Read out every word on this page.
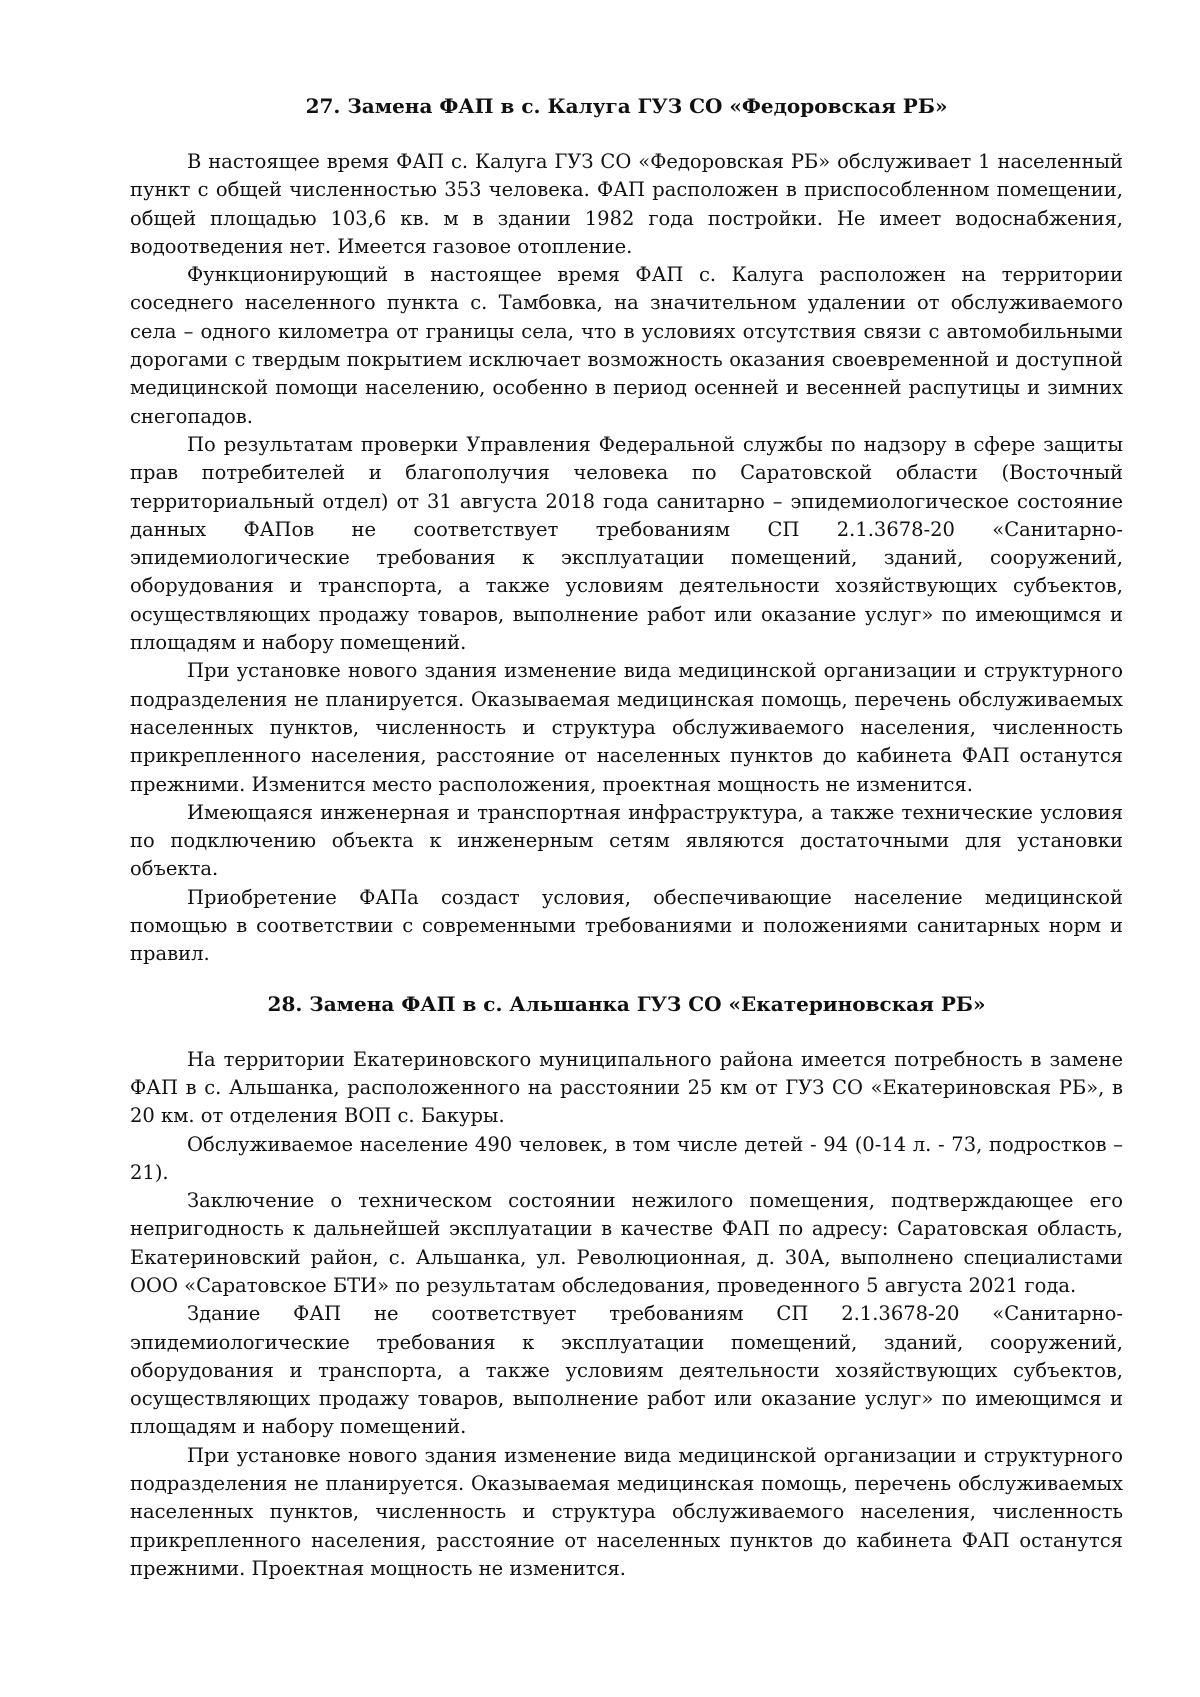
27. Замена ФАП в с. Калуга ГУЗ СО «Федоровская РБ»

В настоящее время ФАП с. Калуга ГУЗ СО «Федоровская РБ» обслуживает 1 населенный пункт с общей численностью 353 человека. ФАП расположен в приспособленном помещении, общей площадью 103,6 кв. м в здании 1982 года постройки. Не имеет водоснабжения, водоотведения нет. Имеется газовое отопление.

Функционирующий в настоящее время ФАП с. Калуга расположен на территории соседнего населенного пункта с. Тамбовка, на значительном удалении от обслуживаемого села – одного километра от границы села, что в условиях отсутствия связи с автомобильными дорогами с твердым покрытием исключает возможность оказания своевременной и доступной медицинской помощи населению, особенно в период осенней и весенней распутицы и зимних снегопадов.

По результатам проверки Управления Федеральной службы по надзору в сфере защиты прав потребителей и благополучия человека по Саратовской области (Восточный территориальный отдел) от 31 августа 2018 года санитарно – эпидемиологическое состояние данных ФАПов не соответствует требованиям СП 2.1.3678-20 «Санитарно-эпидемиологические требования к эксплуатации помещений, зданий, сооружений, оборудования и транспорта, а также условиям деятельности хозяйствующих субъектов, осуществляющих продажу товаров, выполнение работ или оказание услуг» по имеющимся и площадям и набору помещений.

При установке нового здания изменение вида медицинской организации и структурного подразделения не планируется. Оказываемая медицинская помощь, перечень обслуживаемых населенных пунктов, численность и структура обслуживаемого населения, численность прикрепленного населения, расстояние от населенных пунктов до кабинета ФАП останутся прежними. Изменится место расположения, проектная мощность не изменится.

Имеющаяся инженерная и транспортная инфраструктура, а также технические условия по подключению объекта к инженерным сетям являются достаточными для установки объекта.

Приобретение ФАПа создаст условия, обеспечивающие население медицинской помощью в соответствии с современными требованиями и положениями санитарных норм и правил.

28. Замена ФАП в с. Альшанка ГУЗ СО «Екатериновская РБ»

На территории Екатериновского муниципального района имеется потребность в замене ФАП в с. Альшанка, расположенного на расстоянии 25 км от ГУЗ СО «Екатериновская РБ», в 20 км. от отделения ВОП с. Бакуры.

Обслуживаемое население 490 человек, в том числе детей - 94 (0-14 л. - 73, подростков – 21).

Заключение о техническом состоянии нежилого помещения, подтверждающее его непригодность к дальнейшей эксплуатации в качестве ФАП по адресу: Саратовская область, Екатериновский район, с. Альшанка, ул. Революционная, д. 30А, выполнено специалистами ООО «Саратовское БТИ» по результатам обследования, проведенного 5 августа 2021 года.

Здание ФАП не соответствует требованиям СП 2.1.3678-20 «Санитарно-эпидемиологические требования к эксплуатации помещений, зданий, сооружений, оборудования и транспорта, а также условиям деятельности хозяйствующих субъектов, осуществляющих продажу товаров, выполнение работ или оказание услуг» по имеющимся и площадям и набору помещений.

При установке нового здания изменение вида медицинской организации и структурного подразделения не планируется. Оказываемая медицинская помощь, перечень обслуживаемых населенных пунктов, численность и структура обслуживаемого населения, численность прикрепленного населения, расстояние от населенных пунктов до кабинета ФАП останутся прежними. Проектная мощность не изменится.
